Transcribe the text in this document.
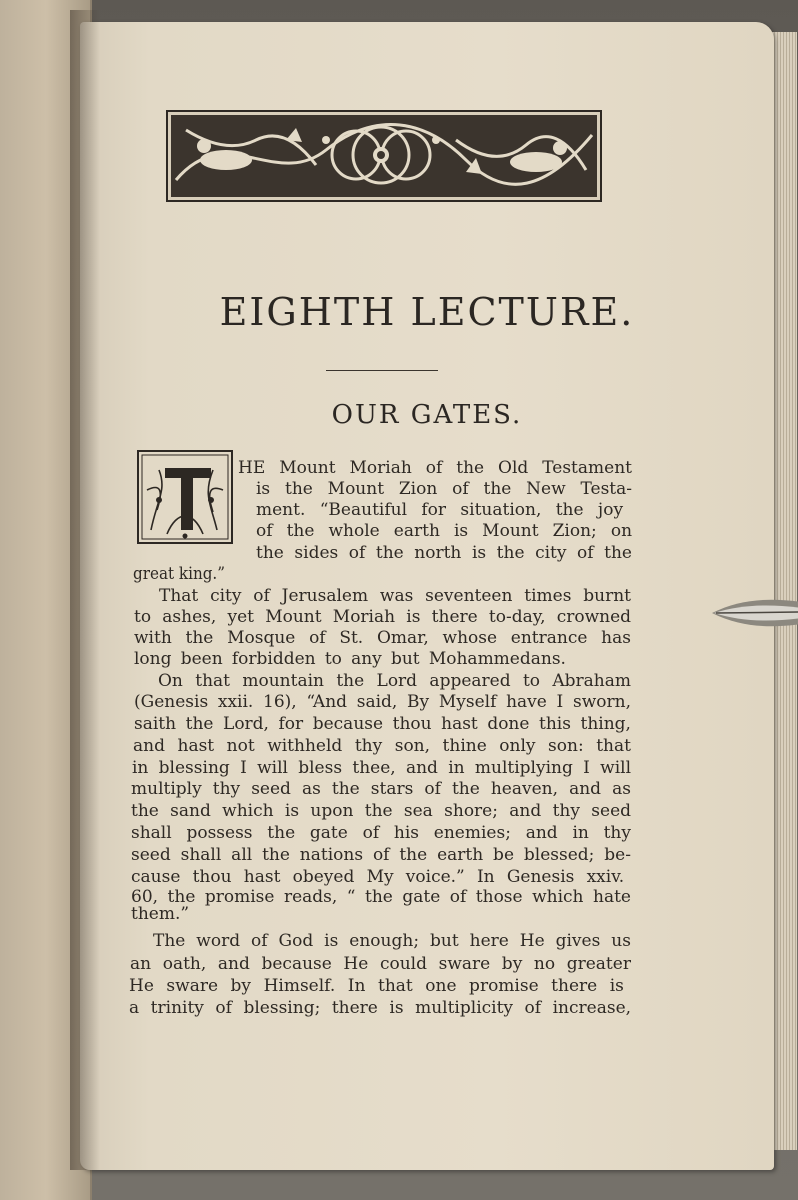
EIGHTH LECTURE.
OUR GATES.

HE Mount Moriah of the Old Testament

is the Mount Zion of the New Testa-

ment. “Beautiful for situation, the joy

of the whole earth is Mount Zion; on

the sides of the north is the city of the

great king.”

That city of Jerusalem was seventeen times burnt

to ashes, yet Mount Moriah is there to-day, crowned

with the Mosque of St. Omar, whose entrance has

long been forbidden to any but Mohammedans.

On that mountain the Lord appeared to Abraham

(Genesis xxii. 16), “And said, By Myself have I sworn,

saith the Lord, for because thou hast done this thing,

and hast not withheld thy son, thine only son: that

in blessing I will bless thee, and in multiplying I will

multiply thy seed as the stars of the heaven, and as

the sand which is upon the sea shore; and thy seed

shall possess the gate of his enemies; and in thy

seed shall all the nations of the earth be blessed; be-

cause thou hast obeyed My voice.” In Genesis xxiv.

60, the promise reads, “ the gate of those which hate

them.”

The word of God is enough; but here He gives us

an oath, and because He could sware by no greater

He sware by Himself. In that one promise there is

a trinity of blessing; there is multiplicity of increase,
